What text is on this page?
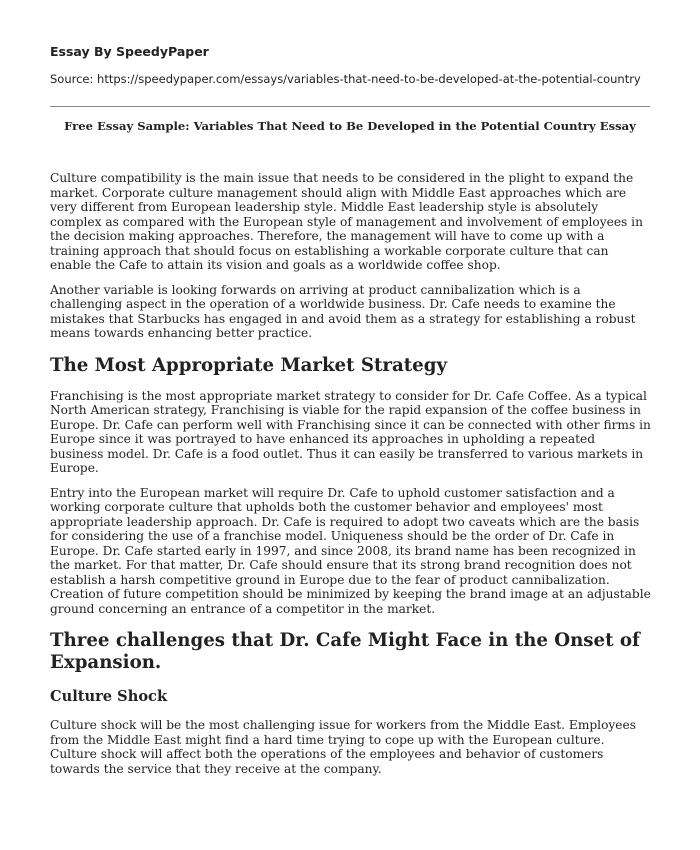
Essay By SpeedyPaper
Source: https://speedypaper.com/essays/variables-that-need-to-be-developed-at-the-potential-country
Free Essay Sample: Variables That Need to Be Developed in the Potential Country Essay

Culture compatibility is the main issue that needs to be considered in the plight to expand the market. Corporate culture management should align with Middle East approaches which are very different from European leadership style. Middle East leadership style is absolutely complex as compared with the European style of management and involvement of employees in the decision making approaches. Therefore, the management will have to come up with a training approach that should focus on establishing a workable corporate culture that can enable the Cafe to attain its vision and goals as a worldwide coffee shop.

Another variable is looking forwards on arriving at product cannibalization which is a challenging aspect in the operation of a worldwide business. Dr. Cafe needs to examine the mistakes that Starbucks has engaged in and avoid them as a strategy for establishing a robust means towards enhancing better practice.

The Most Appropriate Market Strategy

Franchising is the most appropriate market strategy to consider for Dr. Cafe Coffee. As a typical North American strategy, Franchising is viable for the rapid expansion of the coffee business in Europe. Dr. Cafe can perform well with Franchising since it can be connected with other firms in Europe since it was portrayed to have enhanced its approaches in upholding a repeated business model. Dr. Cafe is a food outlet. Thus it can easily be transferred to various markets in Europe.

Entry into the European market will require Dr. Cafe to uphold customer satisfaction and a working corporate culture that upholds both the customer behavior and employees' most appropriate leadership approach. Dr. Cafe is required to adopt two caveats which are the basis for considering the use of a franchise model. Uniqueness should be the order of Dr. Cafe in Europe. Dr. Cafe started early in 1997, and since 2008, its brand name has been recognized in the market. For that matter, Dr. Cafe should ensure that its strong brand recognition does not establish a harsh competitive ground in Europe due to the fear of product cannibalization. Creation of future competition should be minimized by keeping the brand image at an adjustable ground concerning an entrance of a competitor in the market.

Three challenges that Dr. Cafe Might Face in the Onset of Expansion.
Culture Shock

Culture shock will be the most challenging issue for workers from the Middle East. Employees from the Middle East might find a hard time trying to cope up with the European culture. Culture shock will affect both the operations of the employees and behavior of customers towards the service that they receive at the company.
